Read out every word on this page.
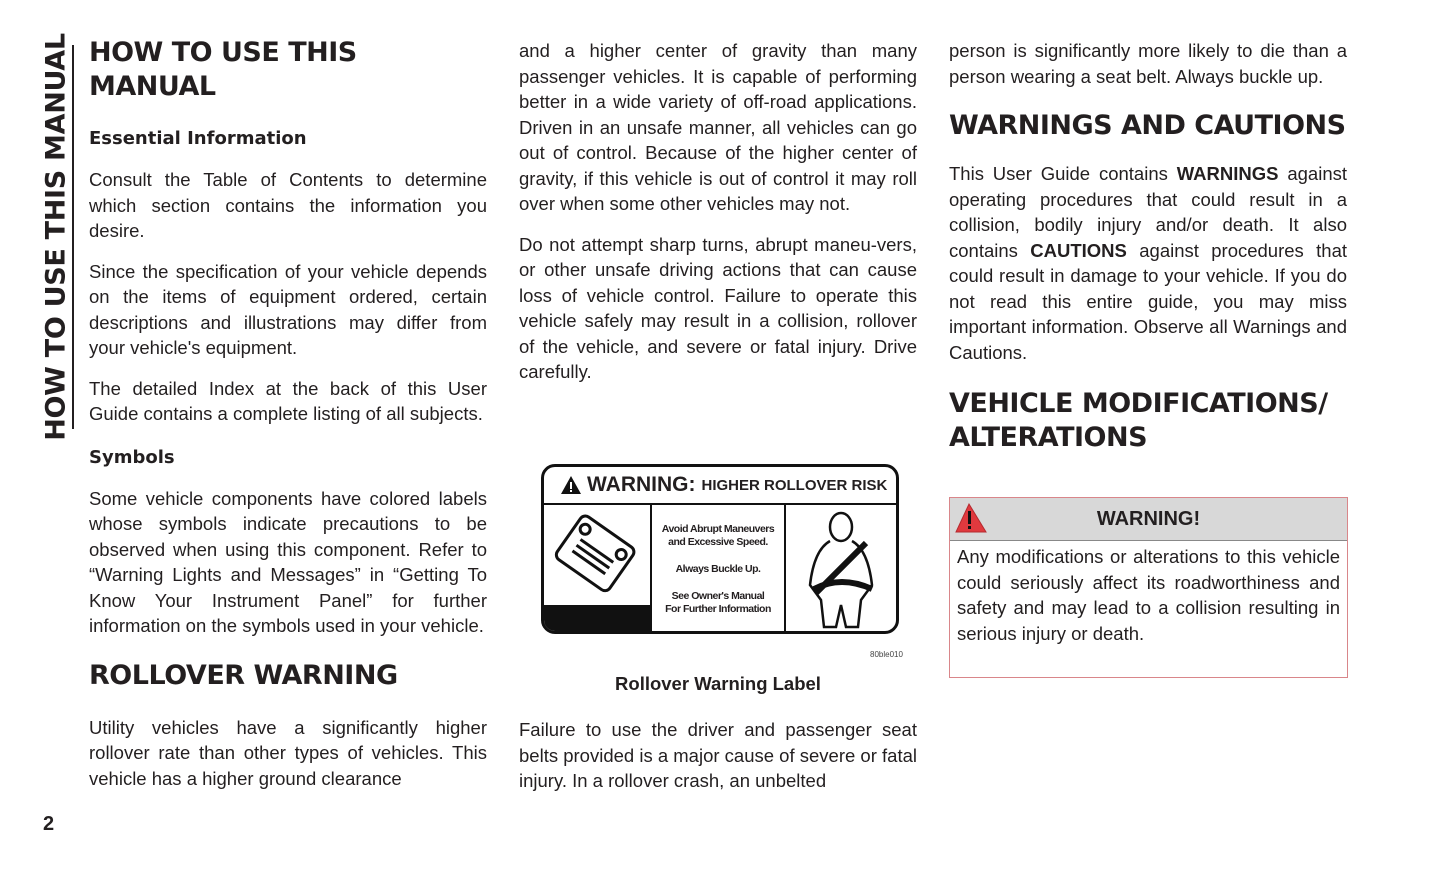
HOW TO USE THIS MANUAL
2
HOW TO USE THIS MANUAL
Essential Information

Consult the Table of Contents to determine which section contains the information you desire.

Since the specification of your vehicle depends on the items of equipment ordered, certain descriptions and illustrations may differ from your vehicle's equipment.

The detailed Index at the back of this User Guide contains a complete listing of all subjects.

Symbols

Some vehicle components have colored labels whose symbols indicate precautions to be observed when using this component. Refer to “Warning Lights and Messages” in “Getting To Know Your Instrument Panel” for further information on the symbols used in your vehicle.

ROLLOVER WARNING

Utility vehicles have a significantly higher rollover rate than other types of vehicles. This vehicle has a higher ground clearance

and a higher center of gravity than many passenger vehicles. It is capable of performing better in a wide variety of off-road applications. Driven in an unsafe manner, all vehicles can go out of control. Because of the higher center of gravity, if this vehicle is out of control it may roll over when some other vehicles may not.

Do not attempt sharp turns, abrupt maneu-vers, or other unsafe driving actions that can cause loss of vehicle control. Failure to operate this vehicle safely may result in a collision, rollover of the vehicle, and severe or fatal injury. Drive carefully.

WARNING: HIGHER ROLLOVER RISK
Avoid Abrupt Maneuvers
and Excessive Speed.
Always Buckle Up.
See Owner's Manual
For Further Information
80ble010
Rollover Warning Label

Failure to use the driver and passenger seat belts provided is a major cause of severe or fatal injury. In a rollover crash, an unbelted

person is significantly more likely to die than a person wearing a seat belt. Always buckle up.

WARNINGS AND CAUTIONS

This User Guide contains WARNINGS against operating procedures that could result in a collision, bodily injury and/or death. It also contains CAUTIONS against procedures that could result in damage to your vehicle. If you do not read this entire guide, you may miss important information. Observe all Warnings and Cautions.

VEHICLE MODIFICATIONS/
ALTERATIONS
WARNING!

Any modifications or alterations to this vehicle could seriously affect its roadworthiness and safety and may lead to a collision resulting in serious injury or death.
